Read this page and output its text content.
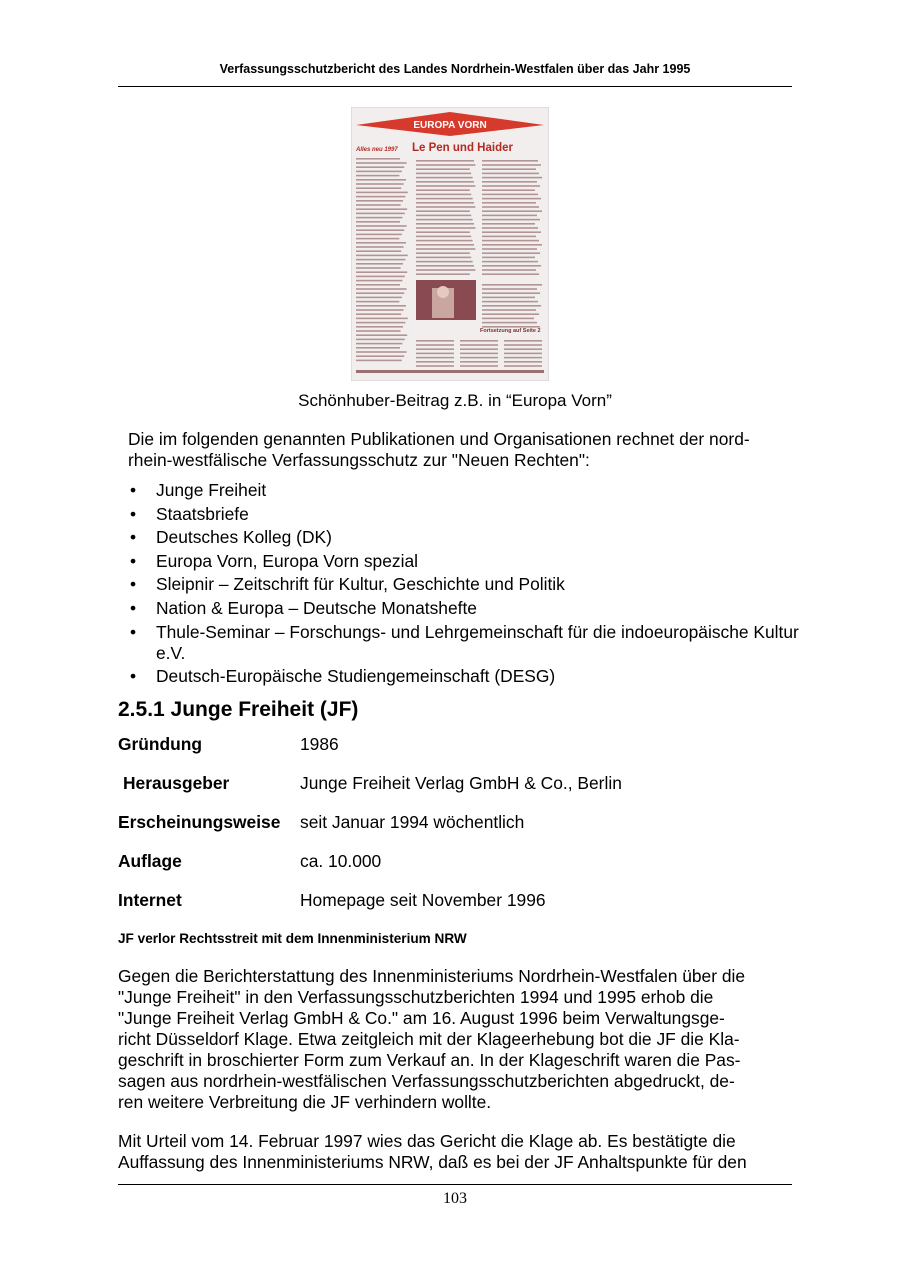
Verfassungsschutzbericht des Landes Nordrhein-Westfalen über das Jahr 1995
EUROPA VORN
Le Pen und Haider
Alles neu 1997
Fortsetzung auf Seite 2
Schönhuber-Beitrag z.B. in “Europa Vorn”
Die im folgenden genannten Publikationen und Organisationen rechnet der nord-
rhein-westfälische Verfassungsschutz zur "Neuen Rechten":
• Junge Freiheit
• Staatsbriefe
• Deutsches Kolleg (DK)
• Europa Vorn, Europa Vorn spezial
• Sleipnir – Zeitschrift für Kultur, Geschichte und Politik
• Nation & Europa – Deutsche Monatshefte
• Thule-Seminar – Forschungs- und Lehrgemeinschaft für die indoeuropäische Kultur e.V.
• Deutsch-Europäische Studiengemeinschaft (DESG)
2.5.1 Junge Freiheit (JF)
Gründung	1986
Herausgeber	Junge Freiheit Verlag GmbH & Co., Berlin
Erscheinungsweise seit Januar 1994 wöchentlich
Auflage	ca. 10.000
Internet	Homepage seit November 1996
JF verlor Rechtsstreit mit dem Innenministerium NRW
Gegen die Berichterstattung des Innenministeriums Nordrhein-Westfalen über die
"Junge Freiheit" in den Verfassungsschutzberichten 1994 und 1995 erhob die
"Junge Freiheit Verlag GmbH & Co." am 16. August 1996 beim Verwaltungsge-
richt Düsseldorf Klage. Etwa zeitgleich mit der Klageerhebung bot die JF die Kla-
geschrift in broschierter Form zum Verkauf an. In der Klageschrift waren die Pas-
sagen aus nordrhein-westfälischen Verfassungsschutzberichten abgedruckt, de-
ren weitere Verbreitung die JF verhindern wollte.
Mit Urteil vom 14. Februar 1997 wies das Gericht die Klage ab. Es bestätigte die
Auffassung des Innenministeriums NRW, daß es bei der JF Anhaltspunkte für den
103
